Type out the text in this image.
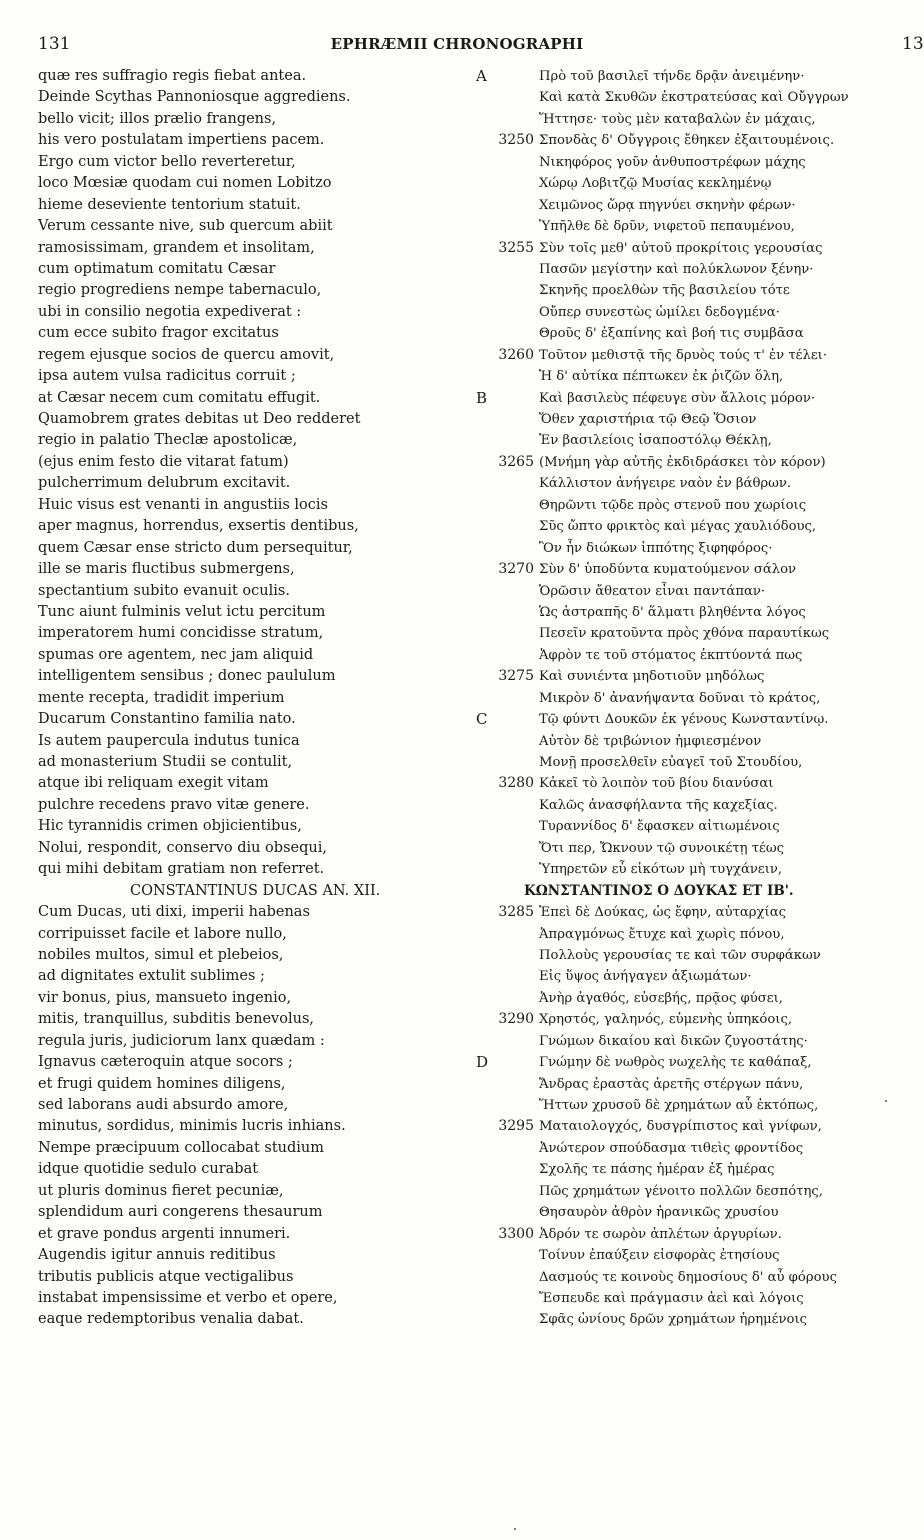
131	EPHRÆMII CHRONOGRAPHI	13
quæ res suffragio regis fiebat antea.
Deinde Scythas Pannoniosque aggrediens.
bello vicit; illos prælio frangens,
his vero postulatam impertiens pacem.
Ergo cum victor bello reverteretur,
loco Mœsiæ quodam cui nomen Lobitzo
hieme deseviente tentorium statuit.
Verum cessante nive, sub quercum abiit
ramosissimam, grandem et insolitam,
cum optimatum comitatu Cæsar
regio progrediens nempe tabernaculo,
ubi in consilio negotia expediverat :
cum ecce subito fragor excitatus
regem ejusque socios de quercu amovit,
ipsa autem vulsa radicitus corruit ;
at Cæsar necem cum comitatu effugit.
Quamobrem grates debitas ut Deo redderet
regio in palatio Theclæ apostolicæ,
(ejus enim festo die vitarat fatum)
pulcherrimum delubrum excitavit.
Huic visus est venanti in angustiis locis
aper magnus, horrendus, exsertis dentibus,
quem Cæsar ense stricto dum persequitur,
ille se maris fluctibus submergens,
spectantium subito evanuit oculis.
Tunc aiunt fulminis velut ictu percitum
imperatorem humi concidisse stratum,
spumas ore agentem, nec jam aliquid
intelligentem sensibus ; donec paululum
mente recepta, tradidit imperium
Ducarum Constantino familia nato.
Is autem paupercula indutus tunica
ad monasterium Studii se contulit,
atque ibi reliquam exegit vitam
pulchre recedens pravo vitæ genere.
Hic tyrannidis crimen objicientibus,
Nolui, respondit, conservo diu obsequi,
qui mihi debitam gratiam non referret.
CONSTANTINUS DUCAS AN. XII.
Cum Ducas, uti dixi, imperii habenas
corripuisset facile et labore nullo,
nobiles multos, simul et plebeios,
ad dignitates extulit sublimes ;
vir bonus, pius, mansueto ingenio,
mitis, tranquillus, subditis benevolus,
regula juris, judiciorum lanx quædam :
Ignavus cæteroquin atque socors ;
et frugi quidem homines diligens,
sed laborans audi absurdo amore,
minutus, sordidus, minimis lucris inhians.
Nempe præcipuum collocabat studium
idque quotidie sedulo curabat
ut pluris dominus fieret pecuniæ,
splendidum auri congerens thesaurum
et grave pondus argenti innumeri.
Augendis igitur annuis reditibus
tributis publicis atque vectigalibus
instabat impensissime et verbo et opere,
eaque redemptoribus venalia dabat.
A	Πρὸ τοῦ βασιλεῖ τήνδε δρᾷν ἀνειμένην·
Καὶ κατὰ Σκυθῶν ἐκστρατεύσας καὶ Οὔγγρων
Ἥττησε· τοὺς μὲν καταβαλὼν ἐν μάχαις,
3250 Σπονδὰς δ' Οὔγγροις ἔθηκεν ἐξαιτουμένοις.
Νικηφόρος γοῦν ἀνθυποστρέφων μάχης
Χώρῳ Λοβιτζῷ Μυσίας κεκλημένῳ
Χειμῶνος ὥρᾳ πηγνύει σκηνὴν φέρων·
Ὑπῆλθε δὲ δρῦν, νιφετοῦ πεπαυμένου,
3255 Σὺν τοῖς μεθ' αὐτοῦ προκρίτοις γερουσίας
Πασῶν μεγίστην καὶ πολύκλωνον ξένην·
Σκηνῆς προελθὼν τῆς βασιλείου τότε
Οὔπερ συνεστὼς ὡμίλει δεδογμένα·
Θροῦς δ' ἐξαπίνης καὶ βοή τις συμβᾶσα
3260 Τοῦτον μεθιστᾷ τῆς δρυὸς τούς τ' ἐν τέλει·
Ἡ δ' αὐτίκα πέπτωκεν ἐκ ῥιζῶν ὅλη,
B	Καὶ βασιλεὺς πέφευγε σὺν ἄλλοις μόρον·
Ὅθεν χαριστήρια τῷ Θεῷ Ὅσιον
Ἐν βασιλείοις ἰσαποστόλῳ Θέκλῃ,
3265 (Μνήμη γὰρ αὐτῆς ἐκδιδράσκει τὸν κόρον)
Κάλλιστον ἀνήγειρε ναὸν ἐν βάθρων.
Θηρῶντι τῷδε πρὸς στενοῦ που χωρίοις
Σῦς ὤπτο φρικτὸς καὶ μέγας χαυλιόδους,
Ὃν ἦν διώκων ἱππότης ξιφηφόρος·
3270 Σὺν δ' ὑποδύντα κυματούμενον σάλον
Ὁρῶσιν ἄθεατον εἶναι παντάπαν·
Ὡς ἀστραπῆς δ' ἅλματι βληθέντα λόγος
Πεσεῖν κρατοῦντα πρὸς χθόνα παραυτίκως
Ἀφρὸν τε τοῦ στόματος ἐκπτύοντά πως
3275 Καὶ συνιέντα μηδοτιοῦν μηδόλως
Μικρὸν δ' ἀνανήψαντα δοῦναι τὸ κράτος,
C	Τῷ φύντι Δουκῶν ἐκ γένους Κωνσταντίνῳ.
Αὐτὸν δὲ τριβώνιον ἠμφιεσμένον
Μονῇ προσελθεῖν εὐαγεῖ τοῦ Στουδίου,
3280 Κἀκεῖ τὸ λοιπὸν τοῦ βίου διανύσαι
Καλῶς ἀνασφήλαντα τῆς καχεξίας.
Τυραννίδος δ' ἔφασκεν αἰτιωμένοις
Ὅτι περ, Ὤκνουν τῷ συνοικέτῃ τέως
Ὑπηρετῶν εὖ εἰκότων μὴ τυγχάνειν,
ΚΩΝΣΤΑΝΤΙΝΟΣ Ο ΔΟΥΚΑΣ ΕΤ ΙΒ'.
3285 Ἐπεὶ δὲ Δούκας, ὡς ἔφην, αὐταρχίας
Ἀπραγμόνως ἔτυχε καὶ χωρὶς πόνου,
Πολλοὺς γερουσίας τε καὶ τῶν συρφάκων
Εἰς ὕψος ἀνήγαγεν ἀξιωμάτων·
Ἀνὴρ ἀγαθός, εὐσεβής, πρᾷος φύσει,
3290 Χρηστός, γαληνός, εὐμενὴς ὑπηκόοις,
Γνώμων δικαίου καὶ δικῶν ζυγοστάτης·
D	Γνώμην δὲ νωθρὸς νωχελὴς τε καθάπαξ,
Ἄνδρας ἐραστὰς ἀρετῆς στέργων πάνυ,
Ἥττων χρυσοῦ δὲ χρημάτων αὖ ἐκτόπως,
3295 Ματαιολογχός, δυσγρίπιστος καὶ γνίφων,
Ἀνώτερον σπούδασμα τιθεὶς φροντίδος
Σχολῆς τε πάσης ἡμέραν ἐξ ἡμέρας
Πῶς χρημάτων γένοιτο πολλῶν δεσπότης,
Θησαυρὸν ἀθρὸν ἠρανικῶς χρυσίου
3300 Ἀδρόν τε σωρὸν ἀπλέτων ἀργυρίων.
Τοίνυν ἐπαύξειν εἰσφορὰς ἐτησίους
Δασμούς τε κοινοὺς δημοσίους δ' αὖ φόρους
Ἔσπευδε καὶ πράγμασιν ἀεὶ καὶ λόγοις
Σφᾶς ὠνίους δρῶν χρημάτων ἠρημένοις
